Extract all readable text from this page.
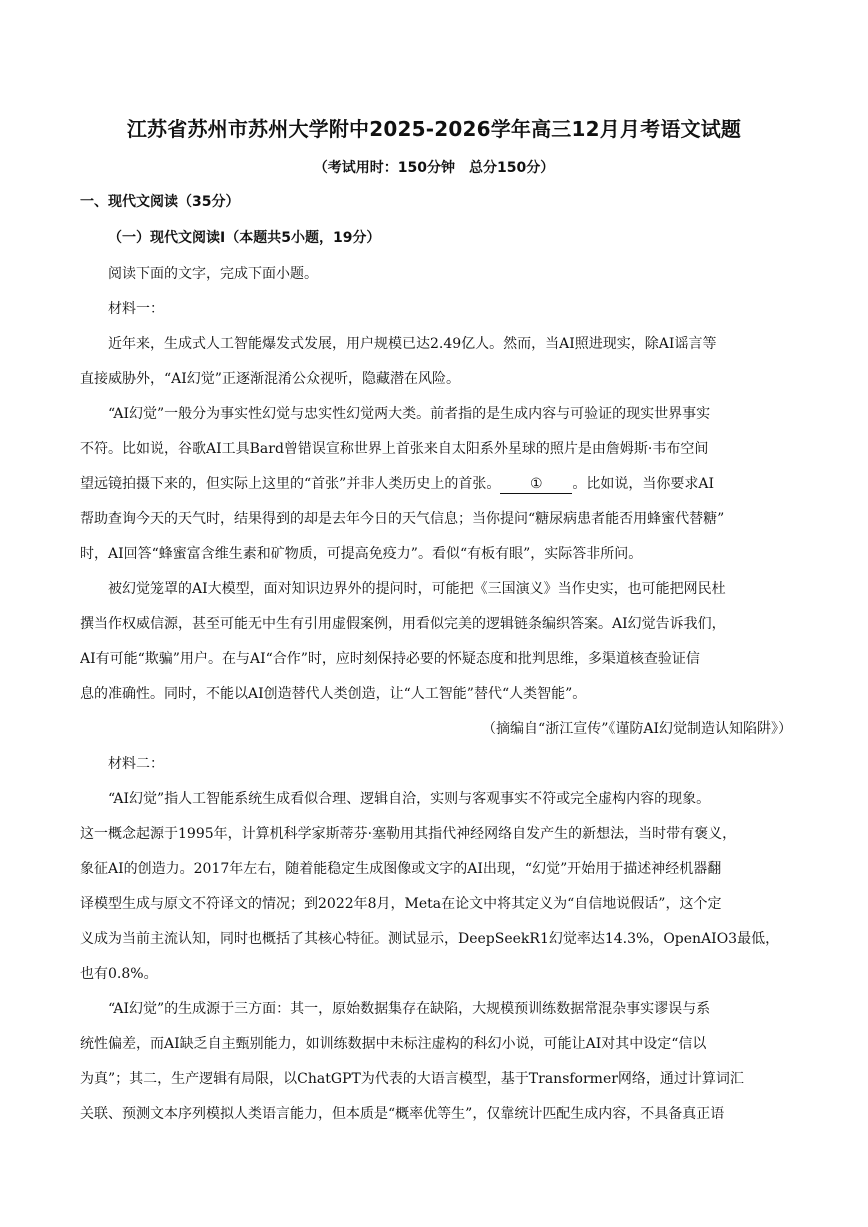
江苏省苏州市苏州大学附中2025-2026学年高三12月月考语文试题
（考试用时：150分钟　总分150分）
一、现代文阅读（35分）
（一）现代文阅读Ⅰ（本题共5小题，19分）
阅读下面的文字，完成下面小题。
材料一：
近年来，生成式人工智能爆发式发展，用户规模已达2.49亿人。然而，当AI照进现实，除AI谣言等
直接威胁外，“AI幻觉”正逐渐混淆公众视听，隐藏潜在风险。
“AI幻觉”一般分为事实性幻觉与忠实性幻觉两大类。前者指的是生成内容与可验证的现实世界事实
不符。比如说，谷歌AI工具Bard曾错误宣称世界上首张来自太阳系外星球的照片是由詹姆斯·韦布空间
望远镜拍摄下来的，但实际上这里的“首张”并非人类历史上的首张。 ① 。比如说，当你要求AI
帮助查询今天的天气时，结果得到的却是去年今日的天气信息；当你提问“糖尿病患者能否用蜂蜜代替糖”
时，AI回答“蜂蜜富含维生素和矿物质，可提高免疫力”。看似“有板有眼”，实际答非所问。
被幻觉笼罩的AI大模型，面对知识边界外的提问时，可能把《三国演义》当作史实，也可能把网民杜
撰当作权威信源，甚至可能无中生有引用虚假案例，用看似完美的逻辑链条编织答案。AI幻觉告诉我们，
AI有可能“欺骗”用户。在与AI“合作”时，应时刻保持必要的怀疑态度和批判思维，多渠道核查验证信
息的准确性。同时，不能以AI创造替代人类创造，让“人工智能”替代“人类智能”。
（摘编自“浙江宣传”《谨防AI幻觉制造认知陷阱》）
材料二：
“AI幻觉”指人工智能系统生成看似合理、逻辑自洽，实则与客观事实不符或完全虚构内容的现象。
这一概念起源于1995年，计算机科学家斯蒂芬·塞勒用其指代神经网络自发产生的新想法，当时带有褒义，
象征AI的创造力。2017年左右，随着能稳定生成图像或文字的AI出现，“幻觉”开始用于描述神经机器翻
译模型生成与原文不符译文的情况；到2022年8月，Meta在论文中将其定义为“自信地说假话”，这个定
义成为当前主流认知，同时也概括了其核心特征。测试显示，DeepSeekR1幻觉率达14.3%，OpenAIO3最低，
也有0.8%。
“AI幻觉”的生成源于三方面：其一，原始数据集存在缺陷，大规模预训练数据常混杂事实谬误与系
统性偏差，而AI缺乏自主甄别能力，如训练数据中未标注虚构的科幻小说，可能让AI对其中设定“信以
为真”；其二，生产逻辑有局限，以ChatGPT为代表的大语言模型，基于Transformer网络，通过计算词汇
关联、预测文本序列模拟人类语言能力，但本质是“概率优等生”，仅靠统计匹配生成内容，不具备真正语
